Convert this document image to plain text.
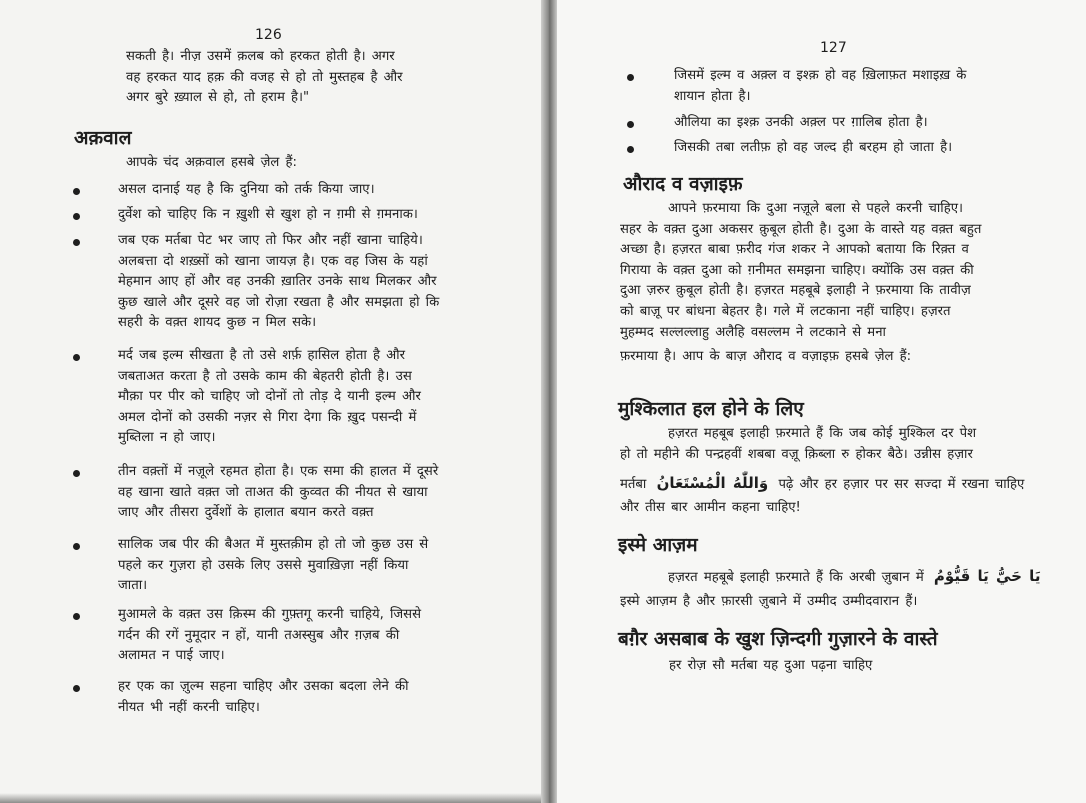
126
सकती है। नीज़ उसमें क़लब को हरकत होती है। अगर
वह हरकत याद हक़ की वजह से हो तो मुस्तहब है और
अगर बुरे ख़्याल से हो, तो हराम है।"
अक़वाल
आपके चंद अक़वाल हसबे ज़ेल हैं:
असल दानाई यह है कि दुनिया को तर्क किया जाए।
दुर्वेश को चाहिए कि न ख़ुशी से खुश हो न ग़मी से ग़मनाक।
जब एक मर्तबा पेट भर जाए तो फिर और नहीं खाना चाहिये।
अलबत्ता दो शख़्सों को खाना जायज़ है। एक वह जिस के यहां
मेहमान आए हों और वह उनकी ख़ातिर उनके साथ मिलकर और
कुछ खाले और दूसरे वह जो रोज़ा रखता है और समझता हो कि
सहरी के वक़्त शायद कुछ न मिल सके।
मर्द जब इल्म सीखता है तो उसे शर्फ़ हासिल होता है और
जबताअत करता है तो उसके काम की बेहतरी होती है। उस
मौक़ा पर पीर को चाहिए जो दोनों तो तोड़ दे यानी इल्म और
अमल दोनों को उसकी नज़र से गिरा देगा कि ख़ुद पसन्दी में
मुब्तिला न हो जाए।
तीन वक़्तों में नज़ूले रहमत होता है। एक समा की हालत में दूसरे
वह खाना खाते वक़्त जो ताअत की कुव्वत की नीयत से खाया
जाए और तीसरा दुर्वेशों के हालात बयान करते वक़्त
सालिक जब पीर की बैअत में मुस्तक़ीम हो तो जो कुछ उस से
पहले कर गुज़रा हो उसके लिए उससे मुवाख़िज़ा नहीं किया
जाता।
मुआमले के वक़्त उस क़िस्म की गुफ़्तगू करनी चाहिये, जिससे
गर्दन की रगें नुमूदार न हों, यानी तअस्सुब और ग़ज़ब की
अलामत न पाई जाए।
हर एक का ज़ुल्म सहना चाहिए और उसका बदला लेने की
नीयत भी नहीं करनी चाहिए।
127
जिसमें इल्म व अक़्ल व इश्क़ हो वह ख़िलाफ़त मशाइख़ के
शायान होता है।
औलिया का इश्क़ उनकी अक़्ल पर ग़ालिब होता है।
जिसकी तबा लतीफ़ हो वह जल्द ही बरहम हो जाता है।
औराद व वज़ाइफ़
आपने फ़रमाया कि दुआ नज़ूले बला से पहले करनी चाहिए।
सहर के वक़्त दुआ अकसर क़ुबूल होती है। दुआ के वास्ते यह वक़्त बहुत
अच्छा है। हज़रत बाबा फ़रीद गंज शकर ने आपको बताया कि रिक़्त व
गिराया के वक़्त दुआ को ग़नीमत समझना चाहिए। क्योंकि उस वक़्त की
दुआ ज़रुर क़ुबूल होती है। हज़रत महबूबे इलाही ने फ़रमाया कि तावीज़
को बाज़ू पर बांधना बेहतर है। गले में लटकाना नहीं चाहिए। हज़रत
मुहम्मद सल्लल्लाहु अलैहि वसल्लम ने लटकाने से मना
फ़रमाया है। आप के बाज़ औराद व वज़ाइफ़ हसबे ज़ेल हैं:
मुश्किलात हल होने के लिए
हज़रत महबूब इलाही फ़रमाते हैं कि जब कोई मुश्किल दर पेश
हो तो महीने की पन्द्रहवीं शबबा वज़ू क़िब्ला रु होकर बैठे। उन्नीस हज़ार
मर्तबा وَاللّٰهُ الْمُسْتَعَانُ पढ़े और हर हज़ार पर सर सज्दा में रखना चाहिए
और तीस बार आमीन कहना चाहिए!
इस्मे आज़म
हज़रत महबूबे इलाही फ़रमाते हैं कि अरबी ज़ुबान में يَا حَيُّ يَا قَيُّوْمُ
इस्मे आज़म है और फ़ारसी ज़ुबाने में उम्मीद उम्मीदवारान हैं।
बग़ैर असबाब के खुश ज़िन्दगी गुज़ारने के वास्ते
हर रोज़ सौ मर्तबा यह दुआ पढ़ना चाहिए
